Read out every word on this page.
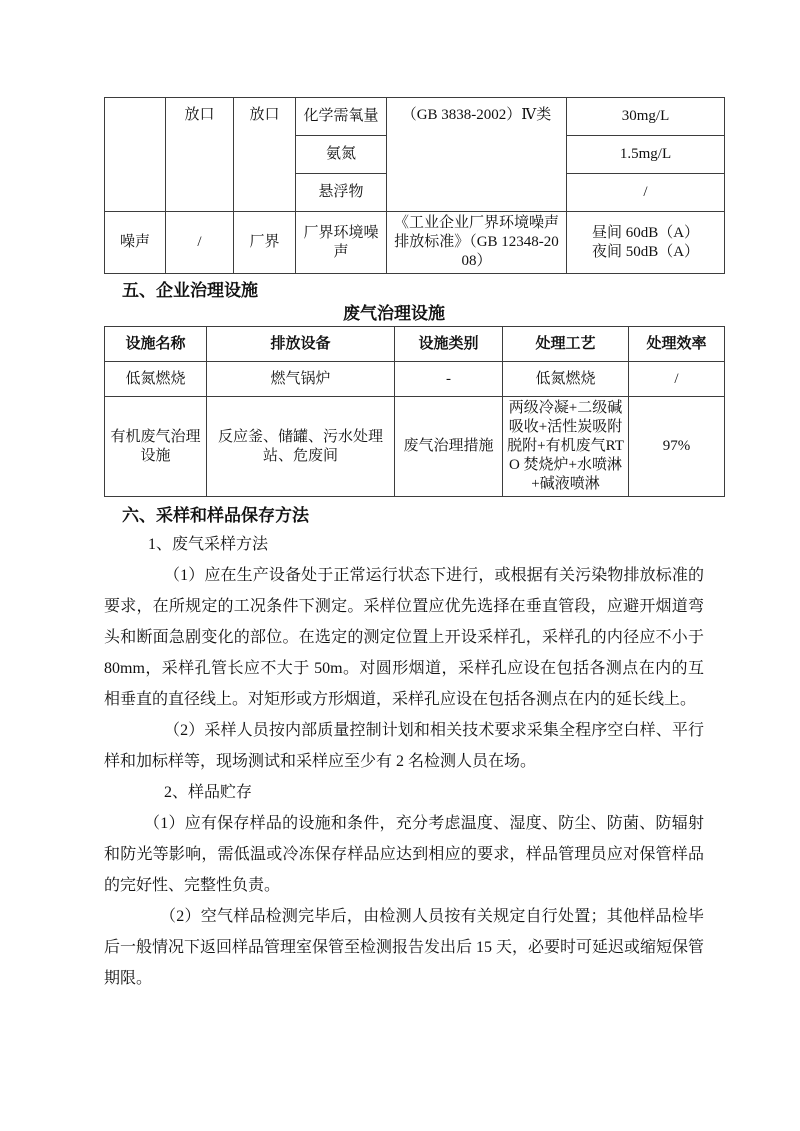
	放口	放口	化学需氧量	（GB 3838-2002）Ⅳ类	30mg/L
			氨氮		1.5mg/L
			悬浮物		/
噪声	/	厂界	厂界环境噪声	《工业企业厂界环境噪声排放标准》（GB 12348-2008）	昼间 60dB（A）
夜间 50dB（A）
五、企业治理设施
废气治理设施
设施名称	排放设备	设施类别	处理工艺	处理效率
低氮燃烧	燃气锅炉	-	低氮燃烧	/
有机废气治理设施	反应釜、储罐、污水处理站、危废间	废气治理措施	两级冷凝+二级碱吸收+活性炭吸附脱附+有机废气RTO 焚烧炉+水喷淋+碱液喷淋	97%
六、采样和样品保存方法

1、废气采样方法

（1）应在生产设备处于正常运行状态下进行，或根据有关污染物排放标准的要求，在所规定的工况条件下测定。采样位置应优先选择在垂直管段，应避开烟道弯头和断面急剧变化的部位。在选定的测定位置上开设采样孔，采样孔的内径应不小于 80mm，采样孔管长应不大于 50m。对圆形烟道，采样孔应设在包括各测点在内的互相垂直的直径线上。对矩形或方形烟道，采样孔应设在包括各测点在内的延长线上。

（2）采样人员按内部质量控制计划和相关技术要求采集全程序空白样、平行样和加标样等，现场测试和采样应至少有 2 名检测人员在场。

2、样品贮存

（1）应有保存样品的设施和条件，充分考虑温度、湿度、防尘、防菌、防辐射和防光等影响，需低温或冷冻保存样品应达到相应的要求，样品管理员应对保管样品的完好性、完整性负责。

（2）空气样品检测完毕后，由检测人员按有关规定自行处置；其他样品检毕后一般情况下返回样品管理室保管至检测报告发出后 15 天，必要时可延迟或缩短保管期限。
